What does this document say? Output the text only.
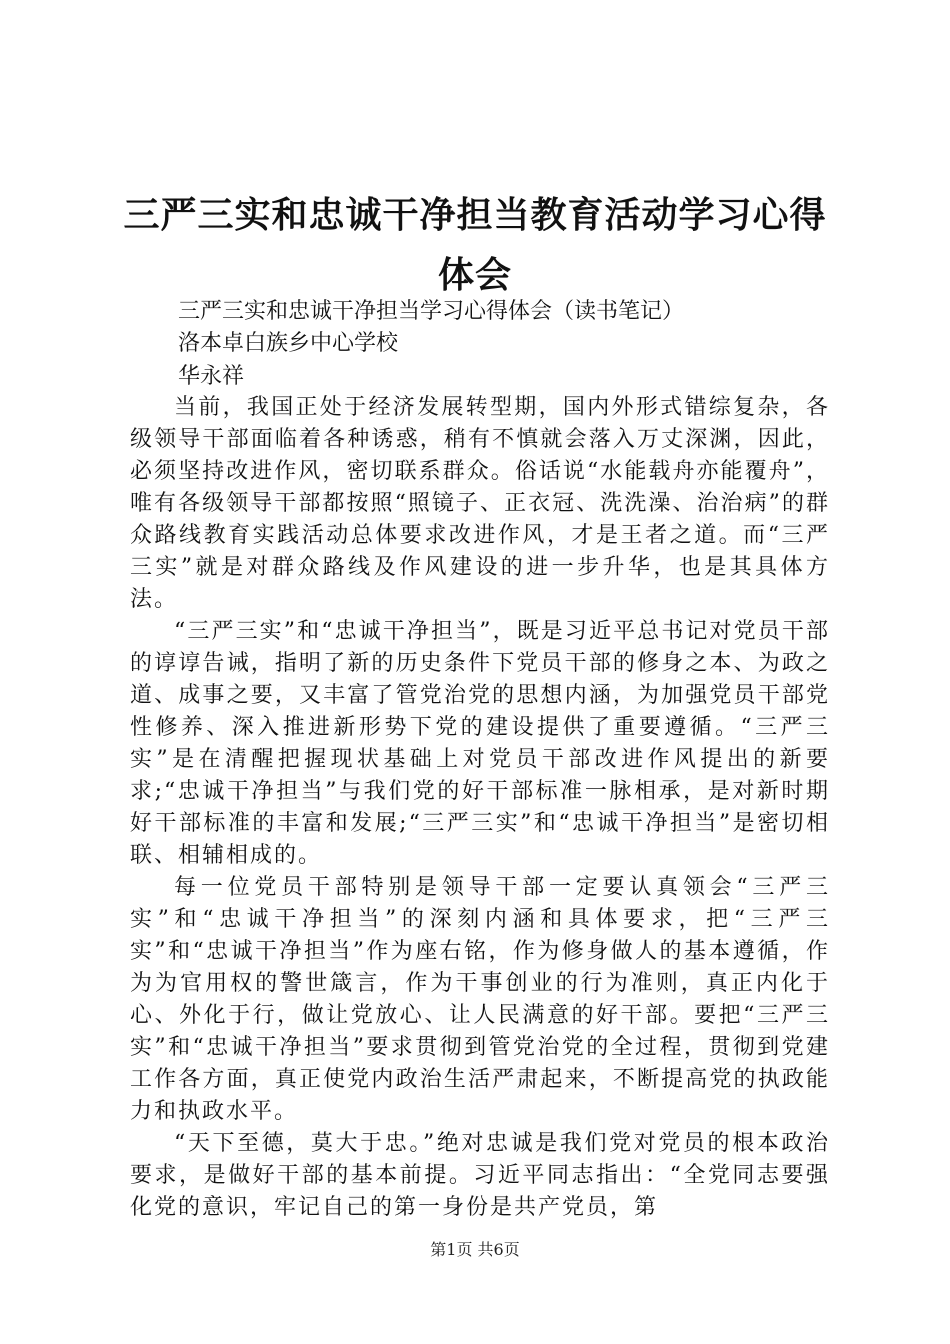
三严三实和忠诚干净担当教育活动学习心得体会

三严三实和忠诚干净担当学习心得体会（读书笔记）

洛本卓白族乡中心学校

华永祥

当前，我国正处于经济发展转型期，国内外形式错综复杂，各级领导干部面临着各种诱惑，稍有不慎就会落入万丈深渊，因此，必须坚持改进作风，密切联系群众。俗话说“水能载舟亦能覆舟”，唯有各级领导干部都按照“照镜子、正衣冠、洗洗澡、治治病”的群众路线教育实践活动总体要求改进作风，才是王者之道。而“三严三实”就是对群众路线及作风建设的进一步升华，也是其具体方法。

“三严三实”和“忠诚干净担当”，既是习近平总书记对党员干部的谆谆告诫，指明了新的历史条件下党员干部的修身之本、为政之道、成事之要，又丰富了管党治党的思想内涵，为加强党员干部党性修养、深入推进新形势下党的建设提供了重要遵循。“三严三实”是在清醒把握现状基础上对党员干部改进作风提出的新要求;“忠诚干净担当”与我们党的好干部标准一脉相承，是对新时期好干部标准的丰富和发展;“三严三实”和“忠诚干净担当”是密切相联、相辅相成的。

每一位党员干部特别是领导干部一定要认真领会“三严三实”和“忠诚干净担当”的深刻内涵和具体要求，把“三严三实”和“忠诚干净担当”作为座右铭，作为修身做人的基本遵循，作为为官用权的警世箴言，作为干事创业的行为准则，真正内化于心、外化于行，做让党放心、让人民满意的好干部。要把“三严三实”和“忠诚干净担当”要求贯彻到管党治党的全过程，贯彻到党建工作各方面，真正使党内政治生活严肃起来，不断提高党的执政能力和执政水平。

“天下至德，莫大于忠。”绝对忠诚是我们党对党员的根本政治要求，是做好干部的基本前提。习近平同志指出：“全党同志要强化党的意识，牢记自己的第一身份是共产党员，第

第1页 共6页
